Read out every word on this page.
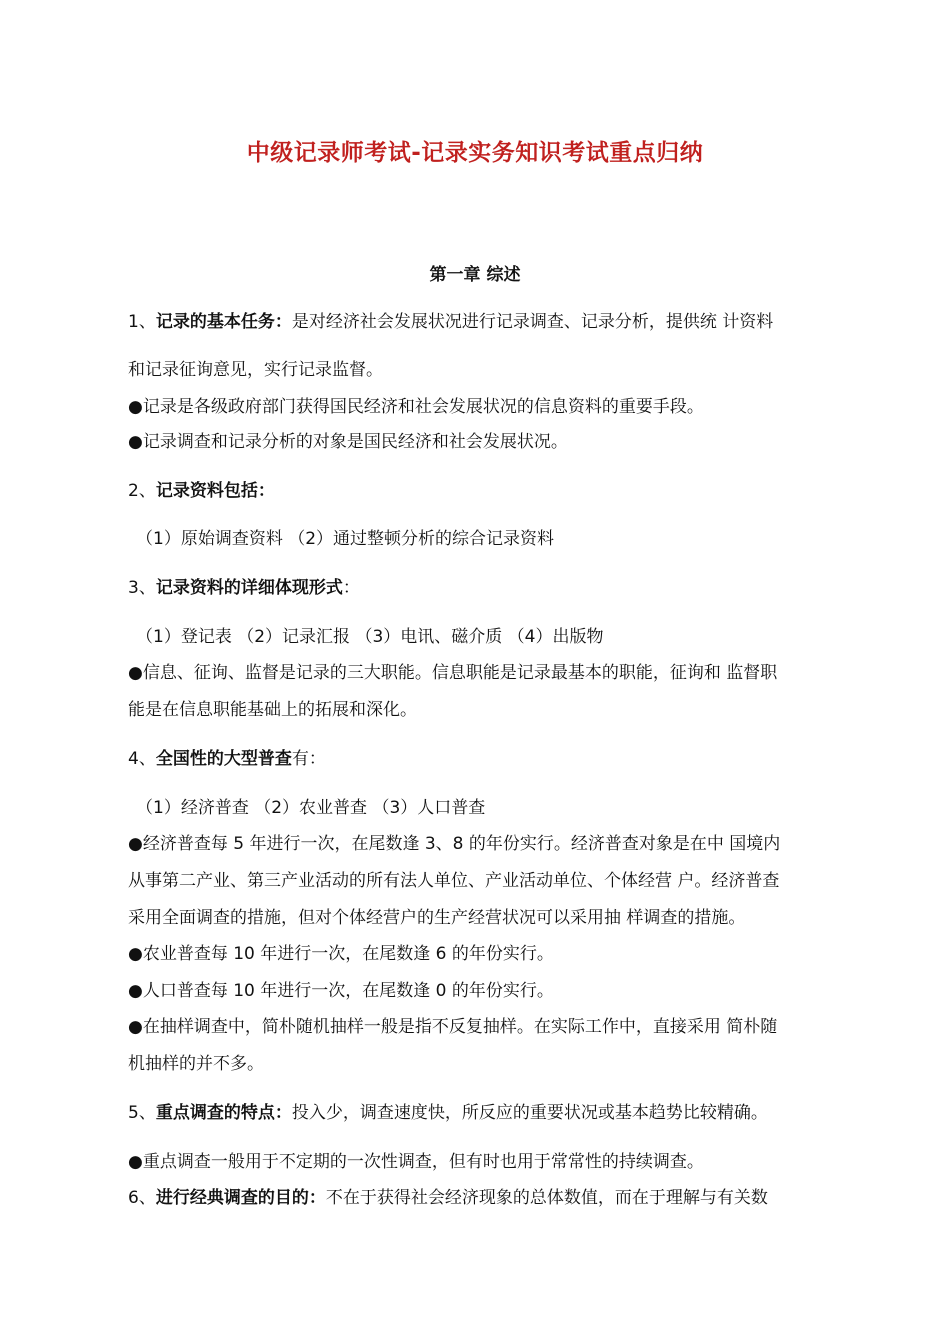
中级记录师考试-记录实务知识考试重点归纳
第一章 综述
1、记录的基本任务：是对经济社会发展状况进行记录调查、记录分析，提供统 计资料
和记录征询意见，实行记录监督。
●记录是各级政府部门获得国民经济和社会发展状况的信息资料的重要手段。
●记录调查和记录分析的对象是国民经济和社会发展状况。
2、记录资料包括：
（1）原始调查资料 （2）通过整顿分析的综合记录资料
3、记录资料的详细体现形式：
（1）登记表 （2）记录汇报 （3）电讯、磁介质 （4）出版物
●信息、征询、监督是记录的三大职能。信息职能是记录最基本的职能，征询和 监督职
能是在信息职能基础上的拓展和深化。
4、全国性的大型普查有：
（1）经济普查 （2）农业普查 （3）人口普查
●经济普查每 5 年进行一次，在尾数逢 3、8 的年份实行。经济普查对象是在中 国境内
从事第二产业、第三产业活动的所有法人单位、产业活动单位、个体经营 户。经济普查
采用全面调查的措施，但对个体经营户的生产经营状况可以采用抽 样调查的措施。
●农业普查每 10 年进行一次，在尾数逢 6 的年份实行。
●人口普查每 10 年进行一次，在尾数逢 0 的年份实行。
●在抽样调查中，简朴随机抽样一般是指不反复抽样。在实际工作中，直接采用 简朴随
机抽样的并不多。
5、重点调查的特点：投入少，调查速度快，所反应的重要状况或基本趋势比较精确。
●重点调查一般用于不定期的一次性调查，但有时也用于常常性的持续调查。
6、进行经典调查的目的：不在于获得社会经济现象的总体数值，而在于理解与有关数
